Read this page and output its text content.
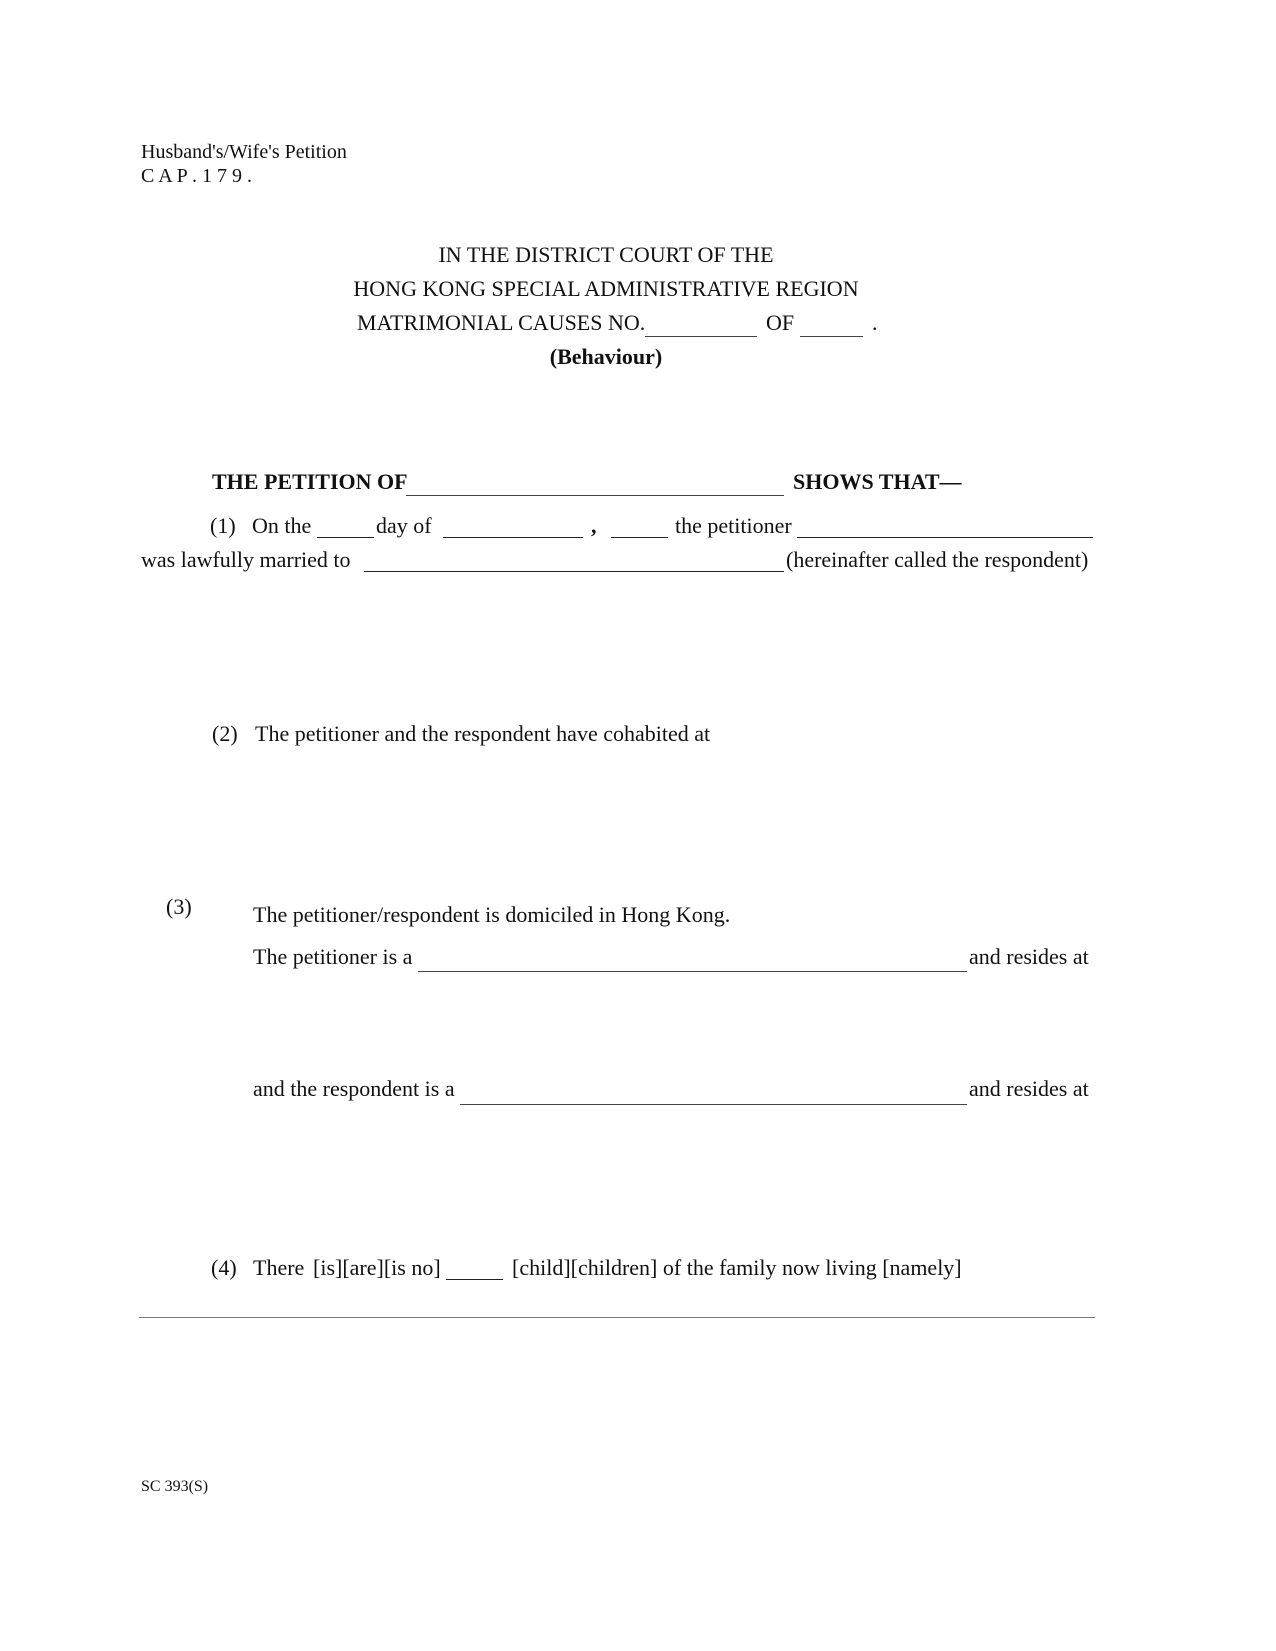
Husband's/Wife's Petition
C A P . 1 7 9 .
IN THE DISTRICT COURT OF THE
HONG KONG SPECIAL ADMINISTRATIVE REGION
MATRIMONIAL CAUSES NO.	OF	.
(Behaviour)
THE PETITION OF	SHOWS THAT—
(1) On the	day of	,	the petitioner
was lawfully married to	(hereinafter called the respondent)
(2) The petitioner and the respondent have cohabited at
(3)	The petitioner/respondent is domiciled in Hong Kong.
The petitioner is a	and resides at
and the respondent is a	and resides at
(4) There [is][are][is no]	[child][children] of the family now living [namely]
SC 393(S)
